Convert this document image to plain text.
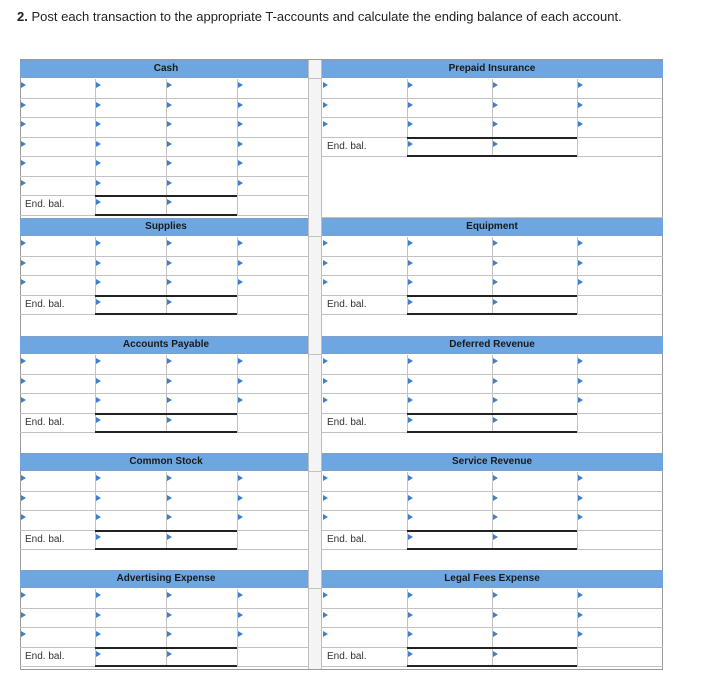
2. Post each transaction to the appropriate T-accounts and calculate the ending balance of each account.
Cash
End. bal.
Supplies
End. bal.
Accounts Payable
End. bal.
Common Stock
End. bal.
Advertising Expense
End. bal.
Prepaid Insurance
End. bal.
Equipment
End. bal.
Deferred Revenue
End. bal.
Service Revenue
End. bal.
Legal Fees Expense
End. bal.
